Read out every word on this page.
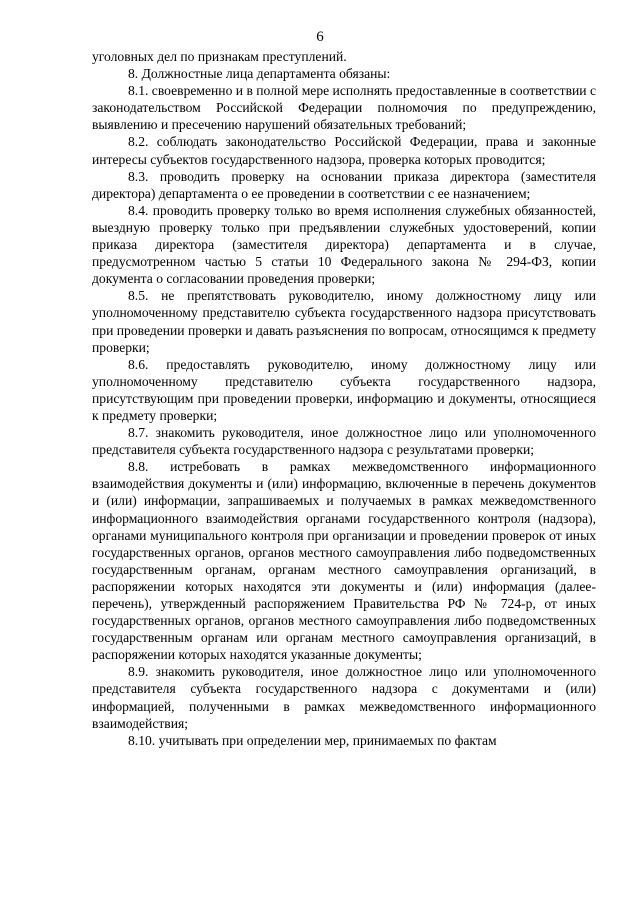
6

уголовных дел по признакам преступлений.

8. Должностные лица департамента обязаны:

8.1. своевременно и в полной мере исполнять предоставленные в соответствии с законодательством Российской Федерации полномочия по предупреждению, выявлению и пресечению нарушений обязательных требований;

8.2. соблюдать законодательство Российской Федерации, права и законные интересы субъектов государственного надзора, проверка которых проводится;

8.3. проводить проверку на основании приказа директора (заместителя директора) департамента о ее проведении в соответствии с ее назначением;

8.4. проводить проверку только во время исполнения служебных обязанностей, выездную проверку только при предъявлении служебных удостоверений, копии приказа директора (заместителя директора) департамента и в случае, предусмотренном частью 5 статьи 10 Федерального закона № 294-ФЗ, копии документа о согласовании проведения проверки;

8.5. не препятствовать руководителю, иному должностному лицу или уполномоченному представителю субъекта государственного надзора присутствовать при проведении проверки и давать разъяснения по вопросам, относящимся к предмету проверки;

8.6. предоставлять руководителю, иному должностному лицу или уполномоченному представителю субъекта государственного надзора, присутствующим при проведении проверки, информацию и документы, относящиеся к предмету проверки;

8.7. знакомить руководителя, иное должностное лицо или уполномоченного представителя субъекта государственного надзора с результатами проверки;

8.8. истребовать в рамках межведомственного информационного взаимодействия документы и (или) информацию, включенные в перечень документов и (или) информации, запрашиваемых и получаемых в рамках межведомственного информационного взаимодействия органами государственного контроля (надзора), органами муниципального контроля при организации и проведении проверок от иных государственных органов, органов местного самоуправления либо подведомственных государственным органам, органам местного самоуправления организаций, в распоряжении которых находятся эти документы и (или) информация (далее- перечень), утвержденный распоряжением Правительства РФ № 724-р, от иных государственных органов, органов местного самоуправления либо подведомственных государственным органам или органам местного самоуправления организаций, в распоряжении которых находятся указанные документы;

8.9. знакомить руководителя, иное должностное лицо или уполномоченного представителя субъекта государственного надзора с документами и (или) информацией, полученными в рамках межведомственного информационного взаимодействия;

8.10. учитывать при определении мер, принимаемых по фактам
